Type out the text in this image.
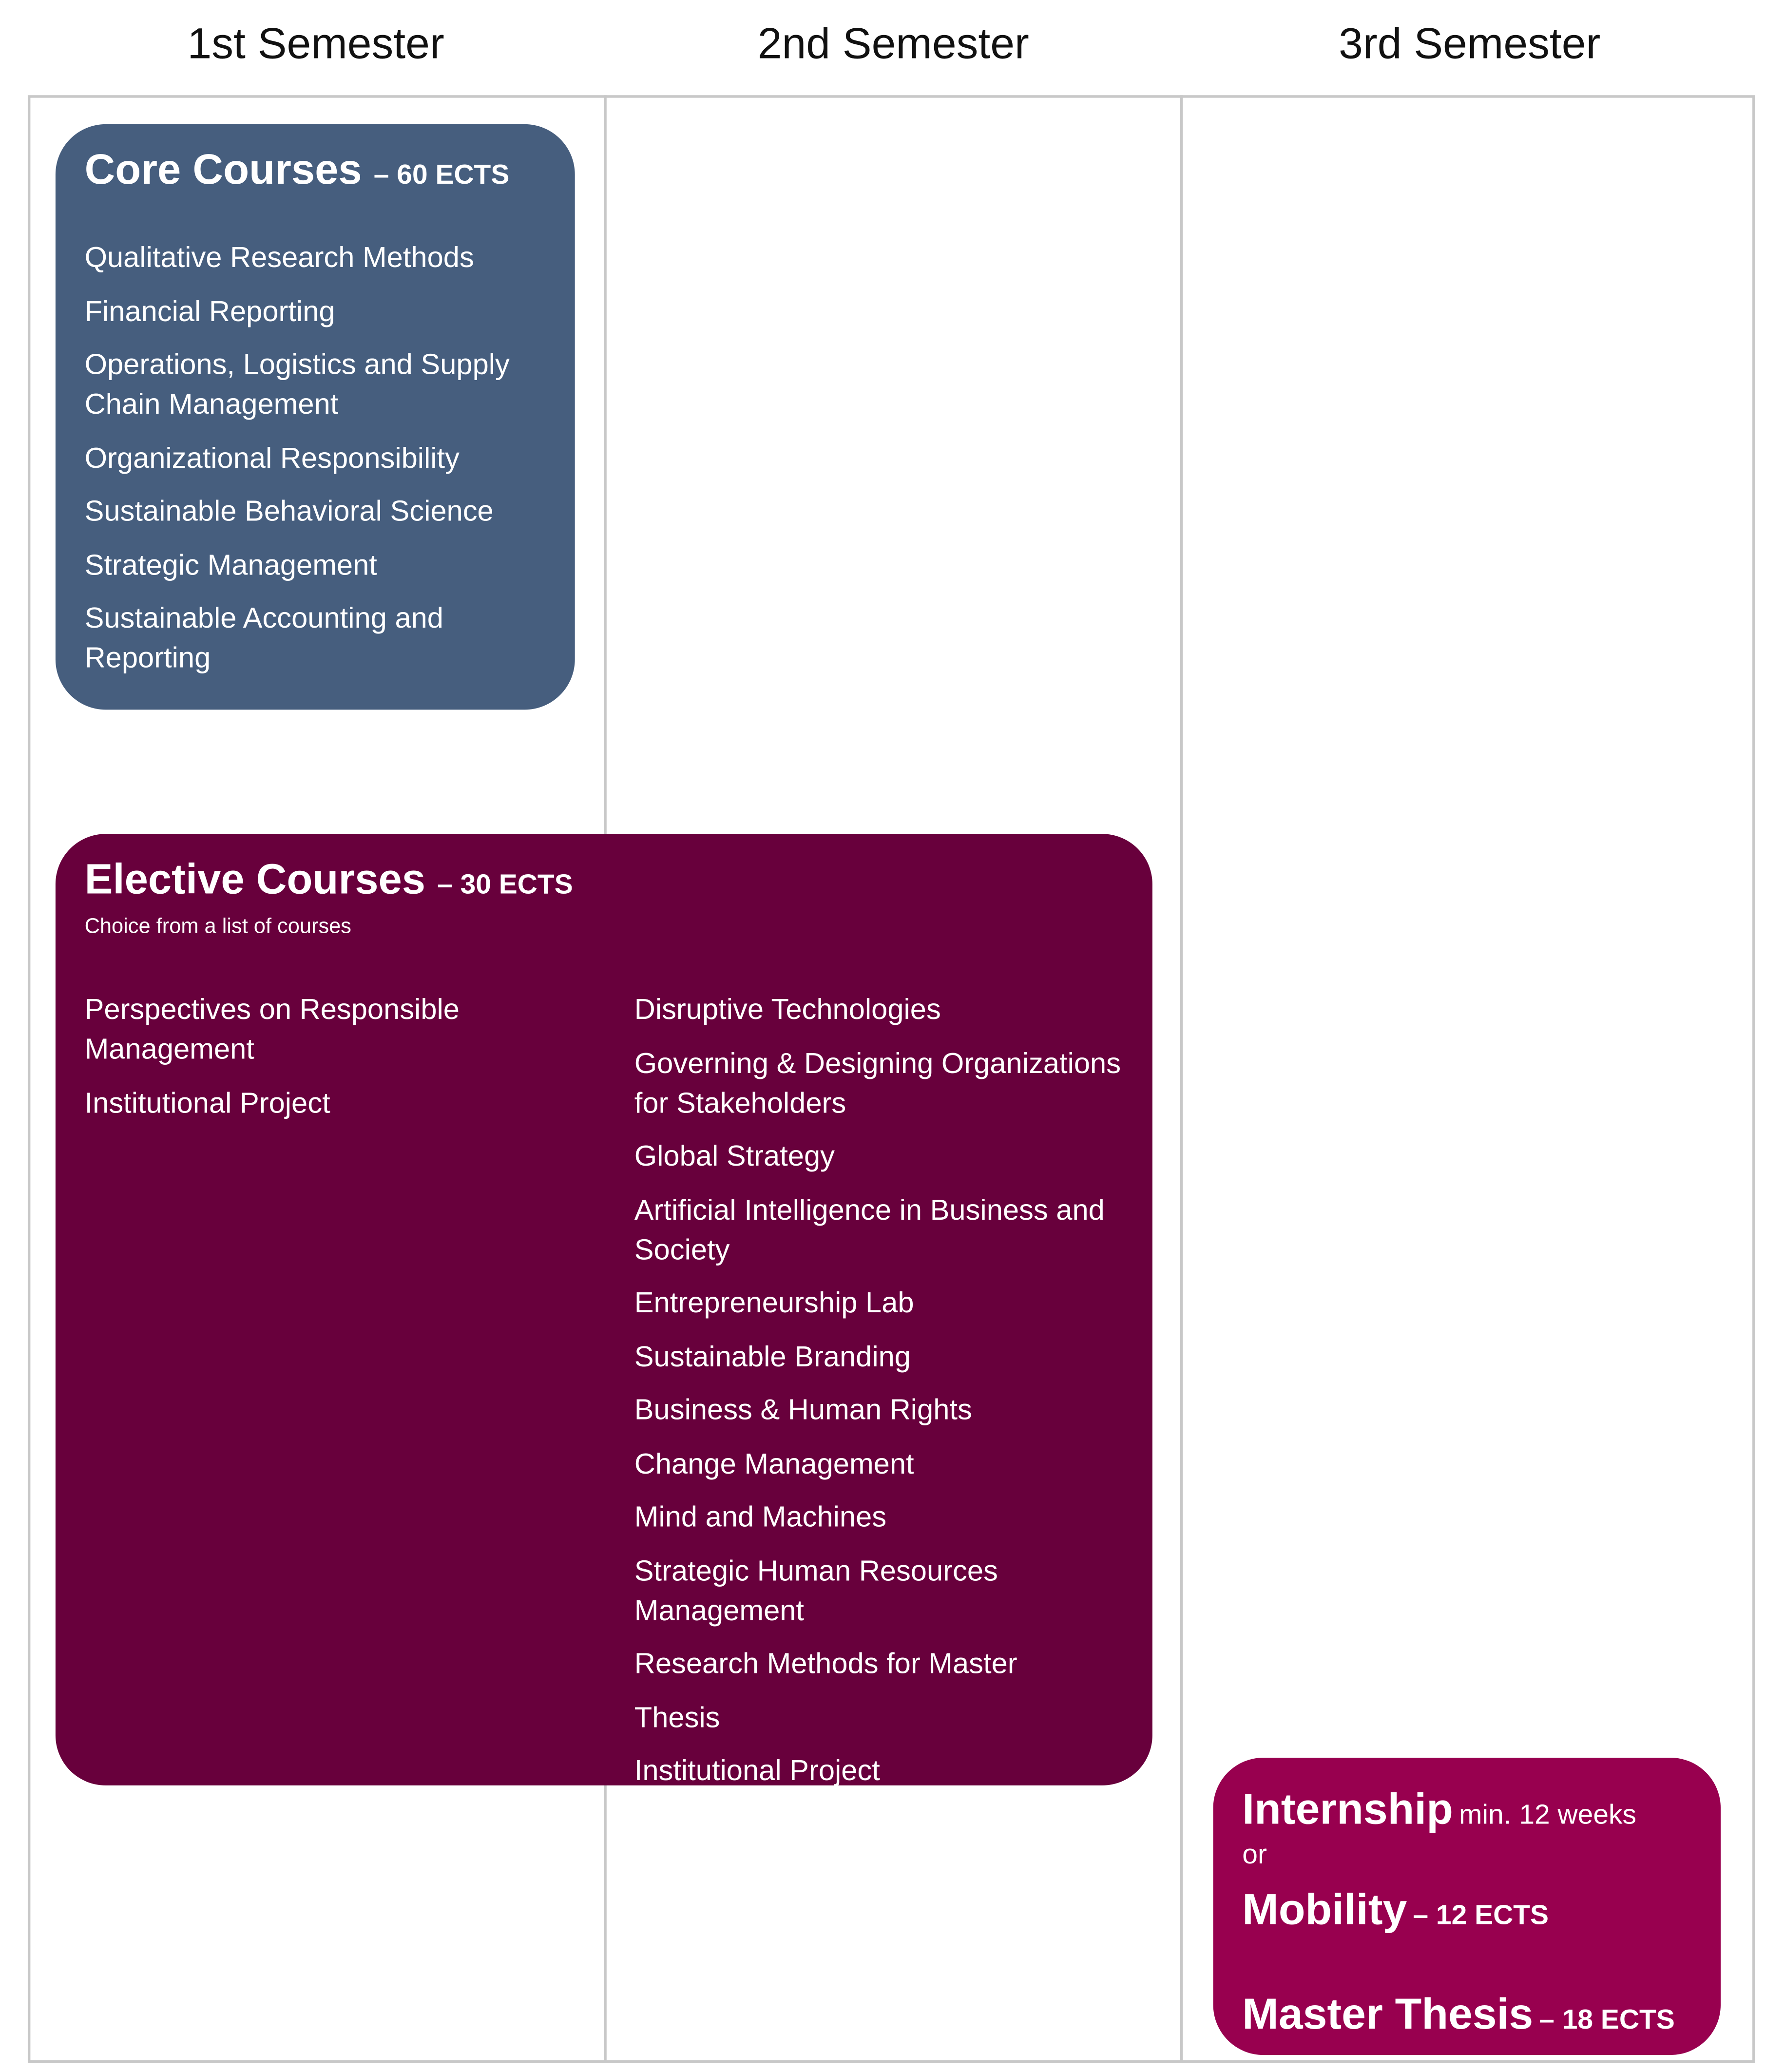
1st Semester	2nd Semester	3rd Semester
Core Courses – 60 ECTS
Qualitative Research Methods
Financial Reporting
Operations, Logistics and Supply Chain Management
Organizational Responsibility
Sustainable Behavioral Science
Strategic Management
Sustainable Accounting and Reporting
Elective Courses – 30 ECTS
Choice from a list of courses
Perspectives on Responsible Management
Institutional Project
Disruptive Technologies
Governing & Designing Organizations for Stakeholders
Global Strategy
Artificial Intelligence in Business and Society
Entrepreneurship Lab
Sustainable Branding
Business & Human Rights
Change Management
Mind and Machines
Strategic Human Resources Management
Research Methods for Master
Thesis
Institutional Project
Internship min. 12 weeks
or
Mobility – 12 ECTS
Master Thesis – 18 ECTS
